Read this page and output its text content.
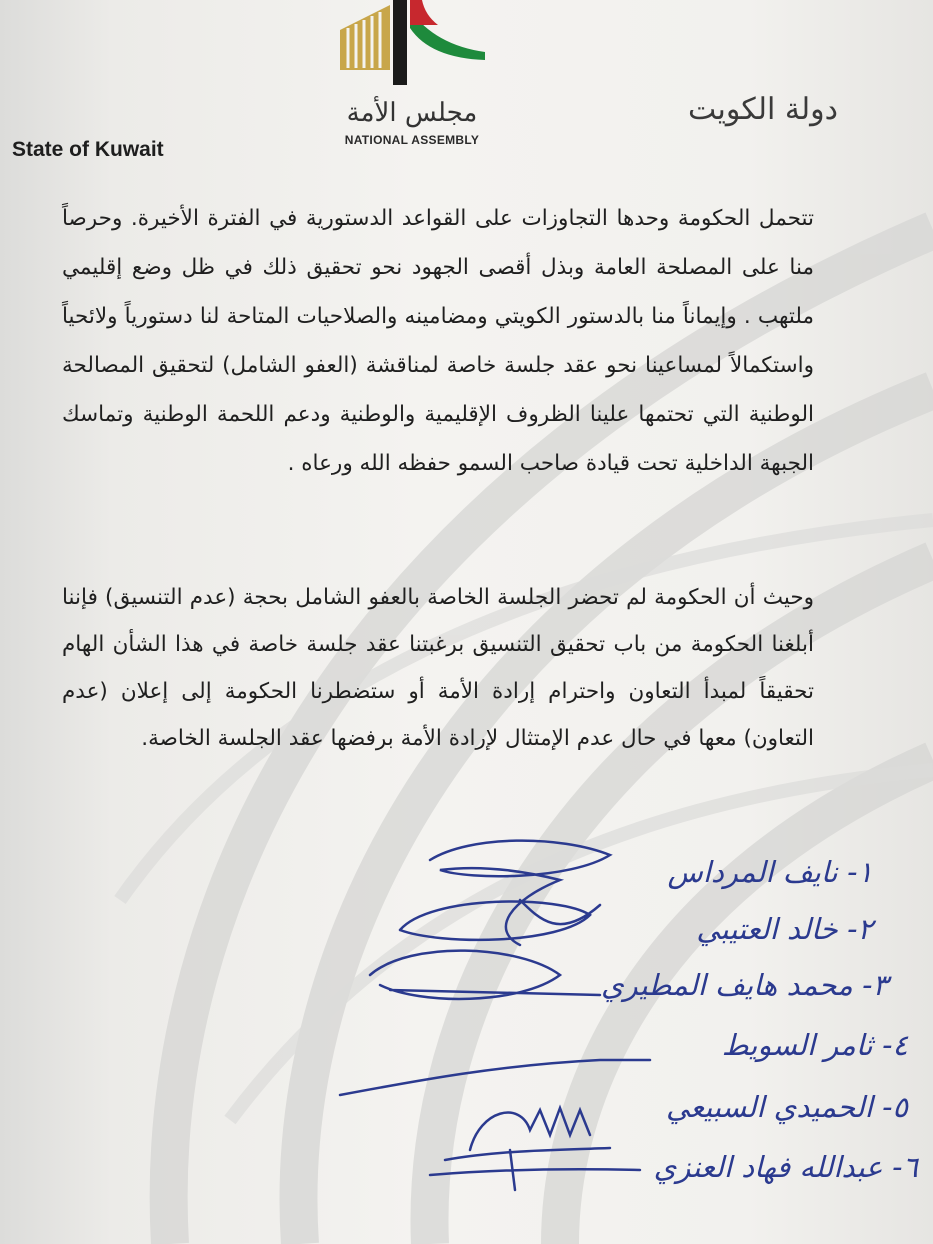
مجلس الأمة
NATIONAL ASSEMBLY
State of Kuwait
دولة الكويت
تتحمل الحكومة وحدها التجاوزات على القواعد الدستورية في الفترة الأخيرة. وحرصاً منا على المصلحة العامة وبذل أقصى الجهود نحو تحقيق ذلك في ظل وضع إقليمي ملتهب . وإيماناً منا بالدستور الكويتي ومضامينه والصلاحيات المتاحة لنا دستورياً ولائحياً واستكمالاً لمساعينا نحو عقد جلسة خاصة لمناقشة (العفو الشامل) لتحقيق المصالحة الوطنية التي تحتمها علينا الظروف الإقليمية والوطنية ودعم اللحمة الوطنية وتماسك الجبهة الداخلية تحت قيادة صاحب السمو حفظه الله ورعاه .
وحيث أن الحكومة لم تحضر الجلسة الخاصة بالعفو الشامل بحجة (عدم التنسيق) فإننا أبلغنا الحكومة من باب تحقيق التنسيق برغبتنا عقد جلسة خاصة في هذا الشأن الهام تحقيقاً لمبدأ التعاون واحترام إرادة الأمة أو ستضطرنا الحكومة إلى إعلان (عدم التعاون) معها في حال عدم الإمتثال لإرادة الأمة برفضها عقد الجلسة الخاصة.
١- نايف المرداس
٢- خالد العتيبي
٣- محمد هايف المطيري
٤- ثامر السويط
٥- الحميدي السبيعي
٦- عبدالله فهاد العنزي
